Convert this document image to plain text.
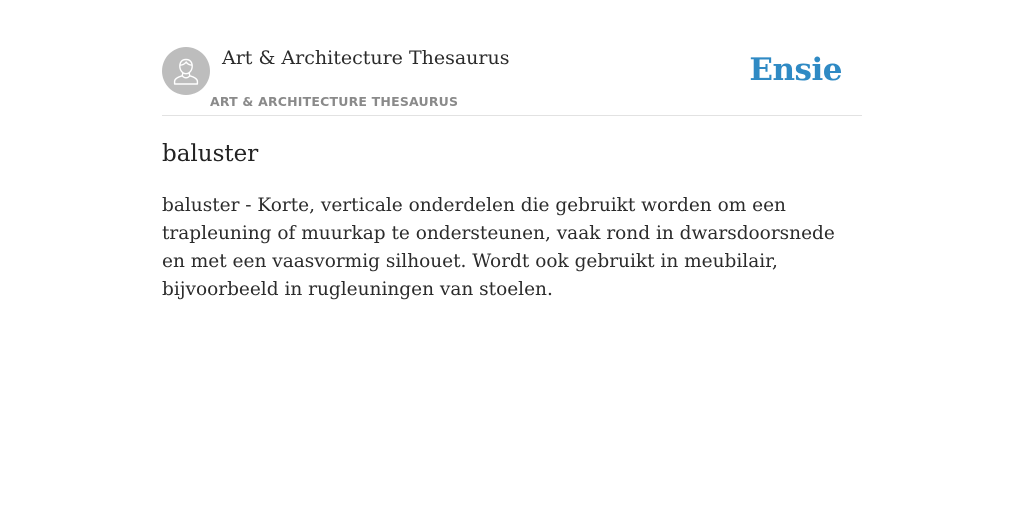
Art & Architecture Thesaurus
ART & ARCHITECTURE THESAURUS
Ensie
baluster

baluster - Korte, verticale onderdelen die gebruikt worden om een trapleuning of muurkap te ondersteunen, vaak rond in dwarsdoorsnede en met een vaasvormig silhouet. Wordt ook gebruikt in meubilair, bijvoorbeeld in rugleuningen van stoelen.
